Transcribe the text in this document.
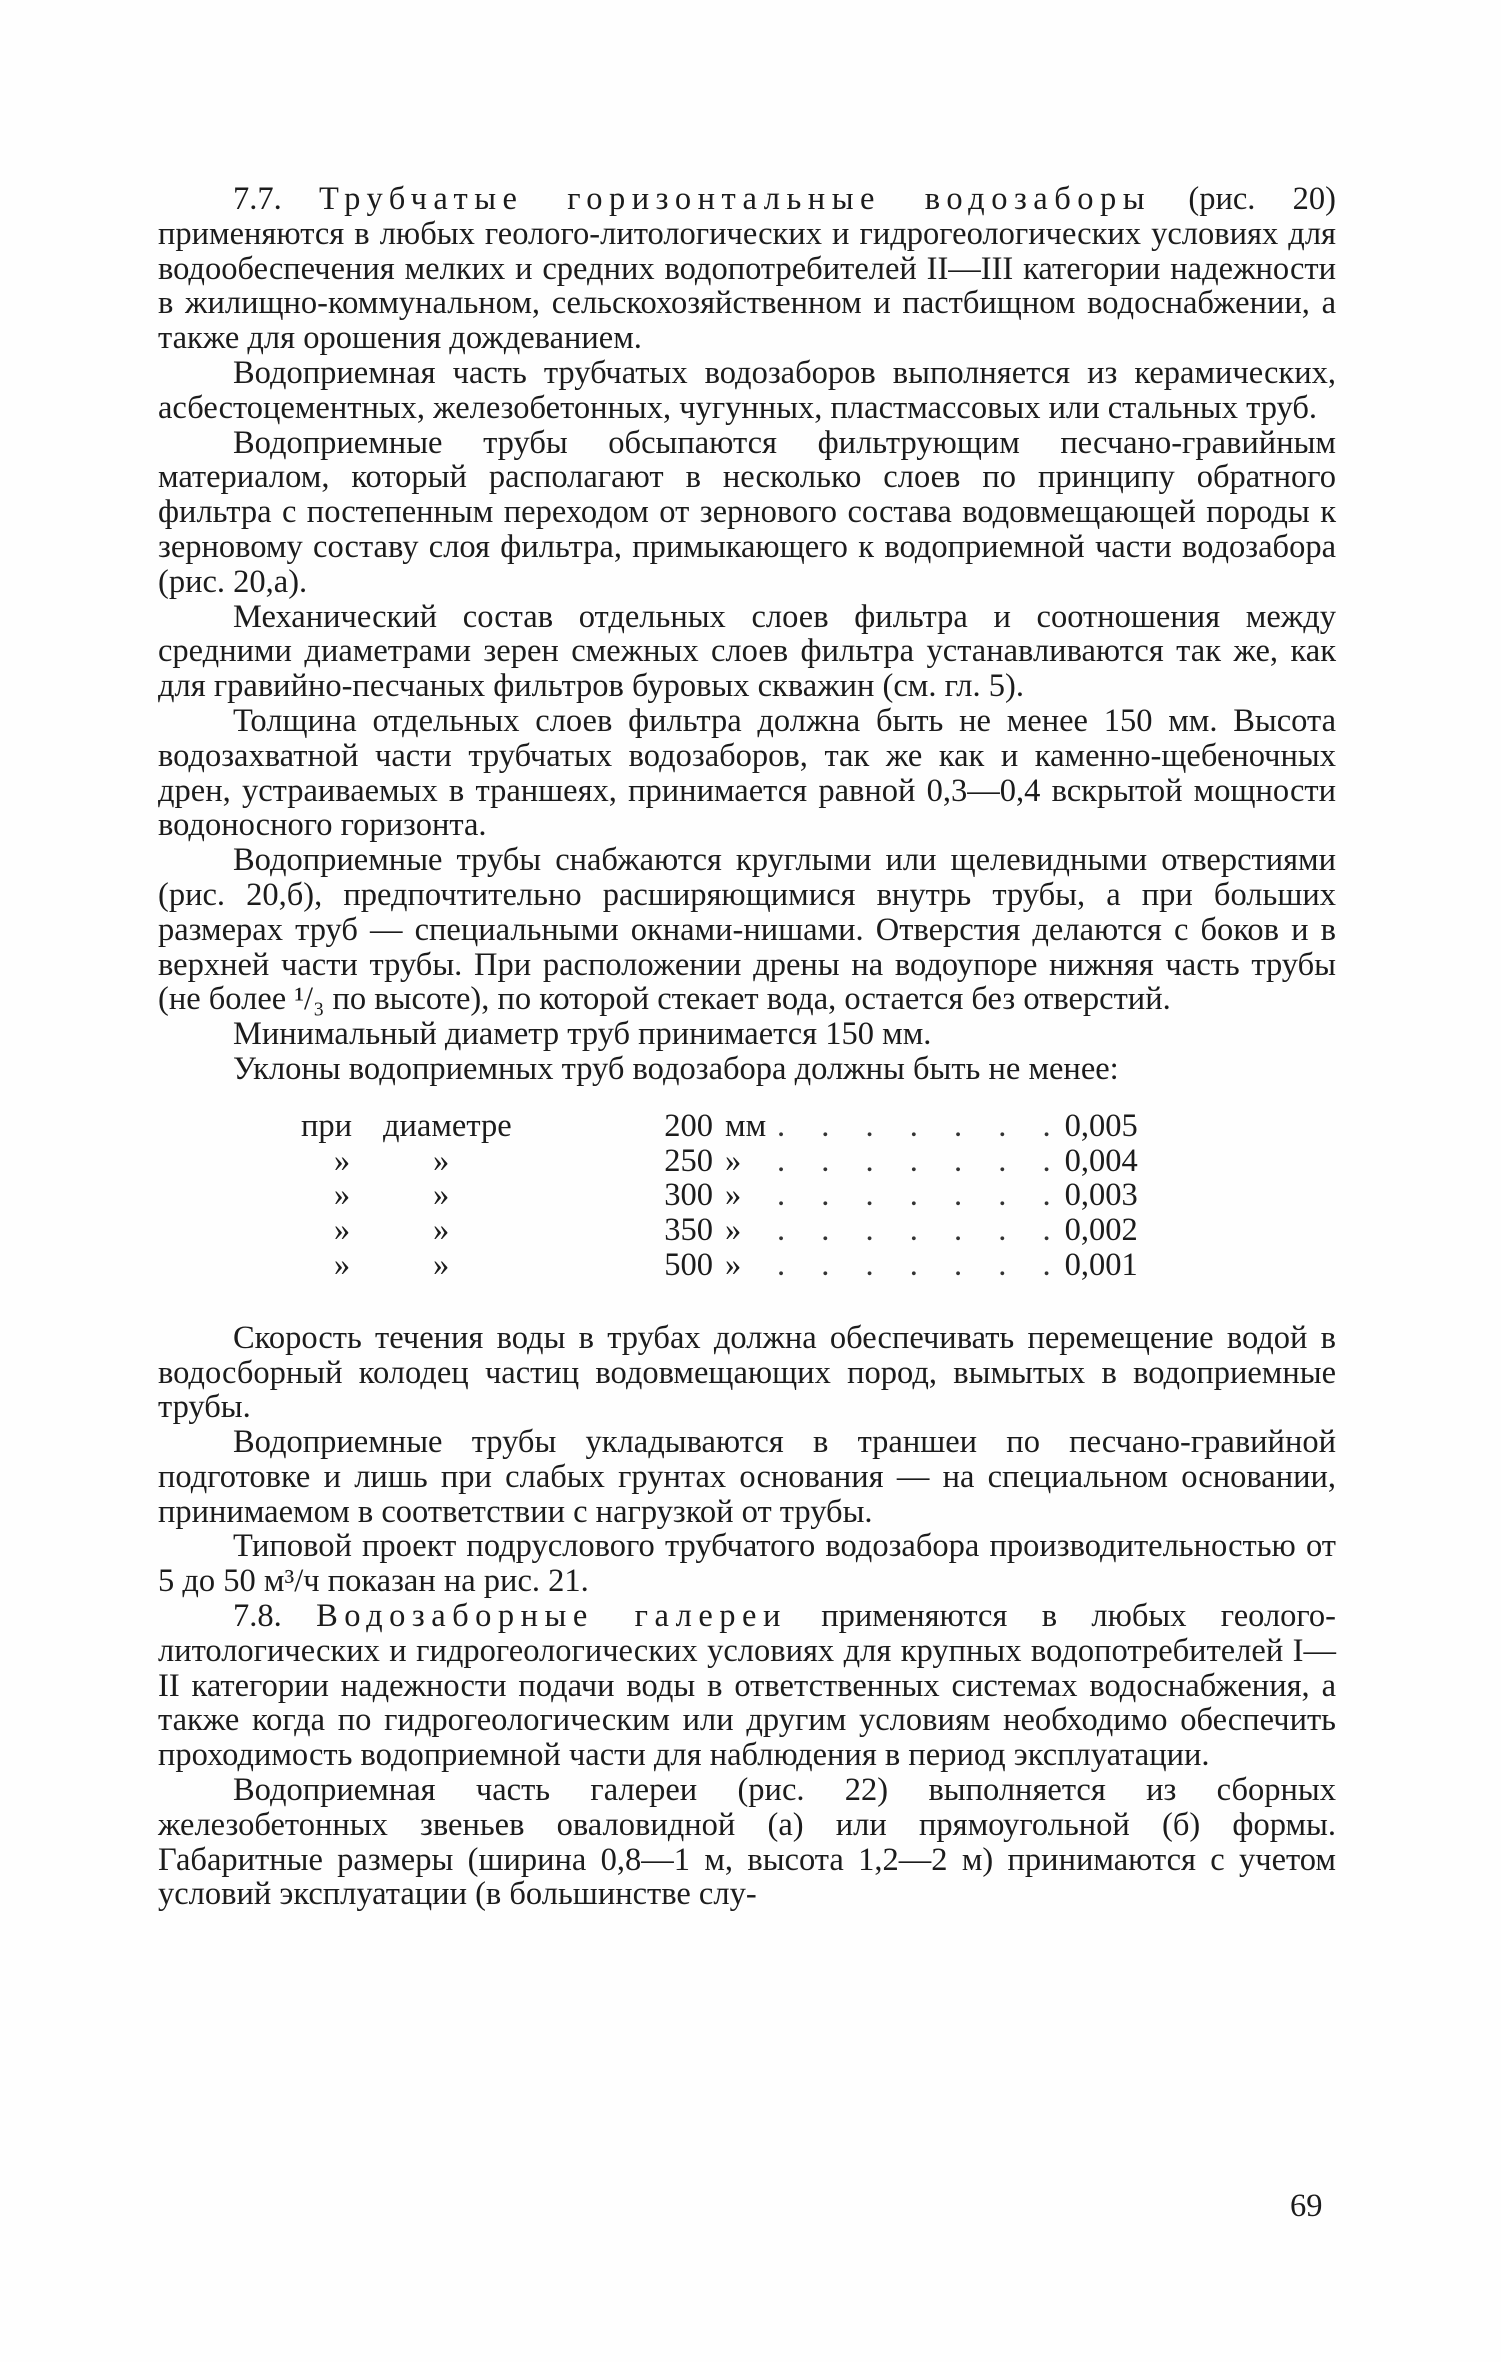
7.7. Трубчатые горизонтальные водозаборы (рис. 20) применяются в любых геолого-литологических и гидрогеологических условиях для водообеспечения мелких и средних водопотребителей II—III категории надежности в жилищно-коммунальном, сельскохозяйственном и пастбищном водоснабжении, а также для орошения дождеванием.

Водоприемная часть трубчатых водозаборов выполняется из керамических, асбестоцементных, железобетонных, чугунных, пластмассовых или стальных труб.

Водоприемные трубы обсыпаются фильтрующим песчано-гравийным материалом, который располагают в несколько слоев по принципу обратного фильтра с постепенным переходом от зернового состава водовмещающей породы к зерновому составу слоя фильтра, примыкающего к водоприемной части водозабора (рис. 20,а).

Механический состав отдельных слоев фильтра и соотношения между средними диаметрами зерен смежных слоев фильтра устанавливаются так же, как для гравийно-песчаных фильтров буровых скважин (см. гл. 5).

Толщина отдельных слоев фильтра должна быть не менее 150 мм. Высота водозахватной части трубчатых водозаборов, так же как и каменно-щебеночных дрен, устраиваемых в траншеях, принимается равной 0,3—0,4 вскрытой мощности водоносного горизонта.

Водоприемные трубы снабжаются круглыми или щелевидными отверстиями (рис. 20,б), предпочтительно расширяющимися внутрь трубы, а при больших размерах труб — специальными окнами-нишами. Отверстия делаются с боков и в верхней части трубы. При расположении дрены на водоупоре нижняя часть трубы (не более ¹/₃ по высоте), по которой стекает вода, остается без отверстий.

Минимальный диаметр труб принимается 150 мм.

Уклоны водоприемных труб водозабора должны быть не менее:

при	диаметре	200	мм	. . . . . . .	0,005
»	»	250	»	. . . . . . .	0,004
»	»	300	»	. . . . . . .	0,003
»	»	350	»	. . . . . . .	0,002
»	»	500	»	. . . . . . .	0,001

Скорость течения воды в трубах должна обеспечивать перемещение водой в водосборный колодец частиц водовмещающих пород, вымытых в водоприемные трубы.

Водоприемные трубы укладываются в траншеи по песчано-гравийной подготовке и лишь при слабых грунтах основания — на специальном основании, принимаемом в соответствии с нагрузкой от трубы.

Типовой проект подруслового трубчатого водозабора производительностью от 5 до 50 м³/ч показан на рис. 21.

7.8. Водозаборные галереи применяются в любых геолого-литологических и гидрогеологических условиях для крупных водопотребителей I—II категории надежности подачи воды в ответственных системах водоснабжения, а также когда по гидрогеологическим или другим условиям необходимо обеспечить проходимость водоприемной части для наблюдения в период эксплуатации.

Водоприемная часть галереи (рис. 22) выполняется из сборных железобетонных звеньев оваловидной (а) или прямоугольной (б) формы. Габаритные размеры (ширина 0,8—1 м, высота 1,2—2 м) принимаются с учетом условий эксплуатации (в большинстве слу-

69
